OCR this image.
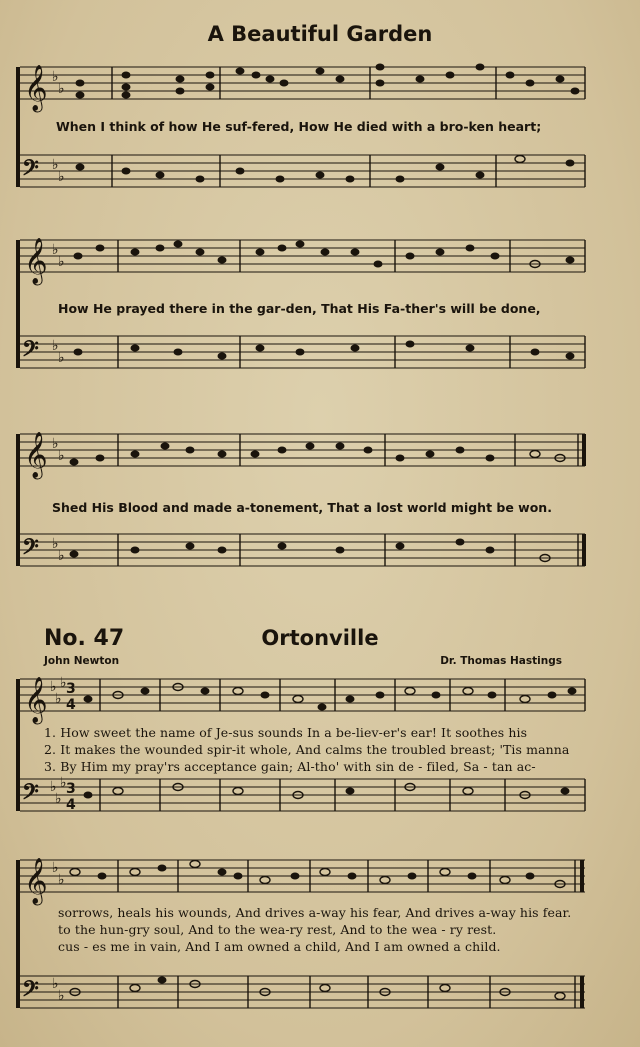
A Beautiful Garden
𝄞
𝄢
♭
♭
♭
♭
When I think of how He suf-fered, How He died with a bro-ken heart;
𝄞
𝄢
♭
♭
♭
♭
How He prayed there in the gar-den, That His Fa-ther's will be done,
𝄞
𝄢
♭
♭
♭
♭
Shed His Blood and made a-tonement, That a lost world might be won.
No. 47	Ortonville
John Newton	Dr. Thomas Hastings
𝄞
𝄢
♭
♭
♭
♭
♭
♭
3
4
3
4
1. How sweet the name of Je-sus sounds In a be-liev-er's ear! It soothes his
2. It makes the wounded spir-it whole, And calms the troubled breast; 'Tis manna
3. By Him my pray'rs acceptance gain; Al-tho' with sin de - filed, Sa - tan ac-
𝄞
𝄢
♭
♭
♭
♭
sorrows, heals his wounds, And drives a-way his fear, And drives a-way his fear.
to the hun-gry soul, And to the wea-ry rest, And to the wea - ry rest.
cus - es me in vain, And I am owned a child, And I am owned a child.
